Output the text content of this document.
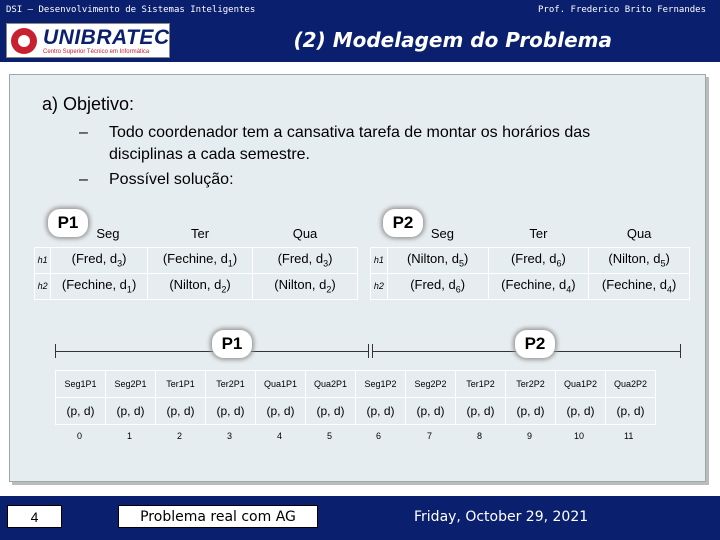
DSI – Desenvolvimento de Sistemas Inteligentes	Prof. Frederico Brito Fernandes
UNIBRATEC
Centro Superior Técnico em Informática	(2) Modelagem do Problema
a) Objetivo:
– Todo coordenador tem a cansativa tarefa de montar os horários das
disciplinas a cada semestre.
– Possível solução:
P1
	Seg	Ter	Qua
h1	(Fred, $d_3$)	(Fechine, $d_1$)	(Fred, $d_3$)
h2	(Fechine, $d_1$)	(Nilton, $d_2$)	(Nilton, $d_2$)
P2
	Seg	Ter	Qua
h1	(Nilton, $d_5$)	(Fred, $d_6$)	(Nilton, $d_5$)
h2	(Fred, $d_6$)	(Fechine, $d_4$)	(Fechine, $d_4$)
P1	P2
Seg1P1	Seg2P1	Ter1P1	Ter2P1	Qua1P1	Qua2P1	Seg1P2	Seg2P2	Ter1P2	Ter2P2	Qua1P2	Qua2P2
(p, d)	(p, d)	(p, d)	(p, d)	(p, d)	(p, d)	(p, d)	(p, d)	(p, d)	(p, d)	(p, d)	(p, d)
0	1	2	3	4	5	6	7	8	9	10	11
4	Problema real com AG	Friday, October 29, 2021
